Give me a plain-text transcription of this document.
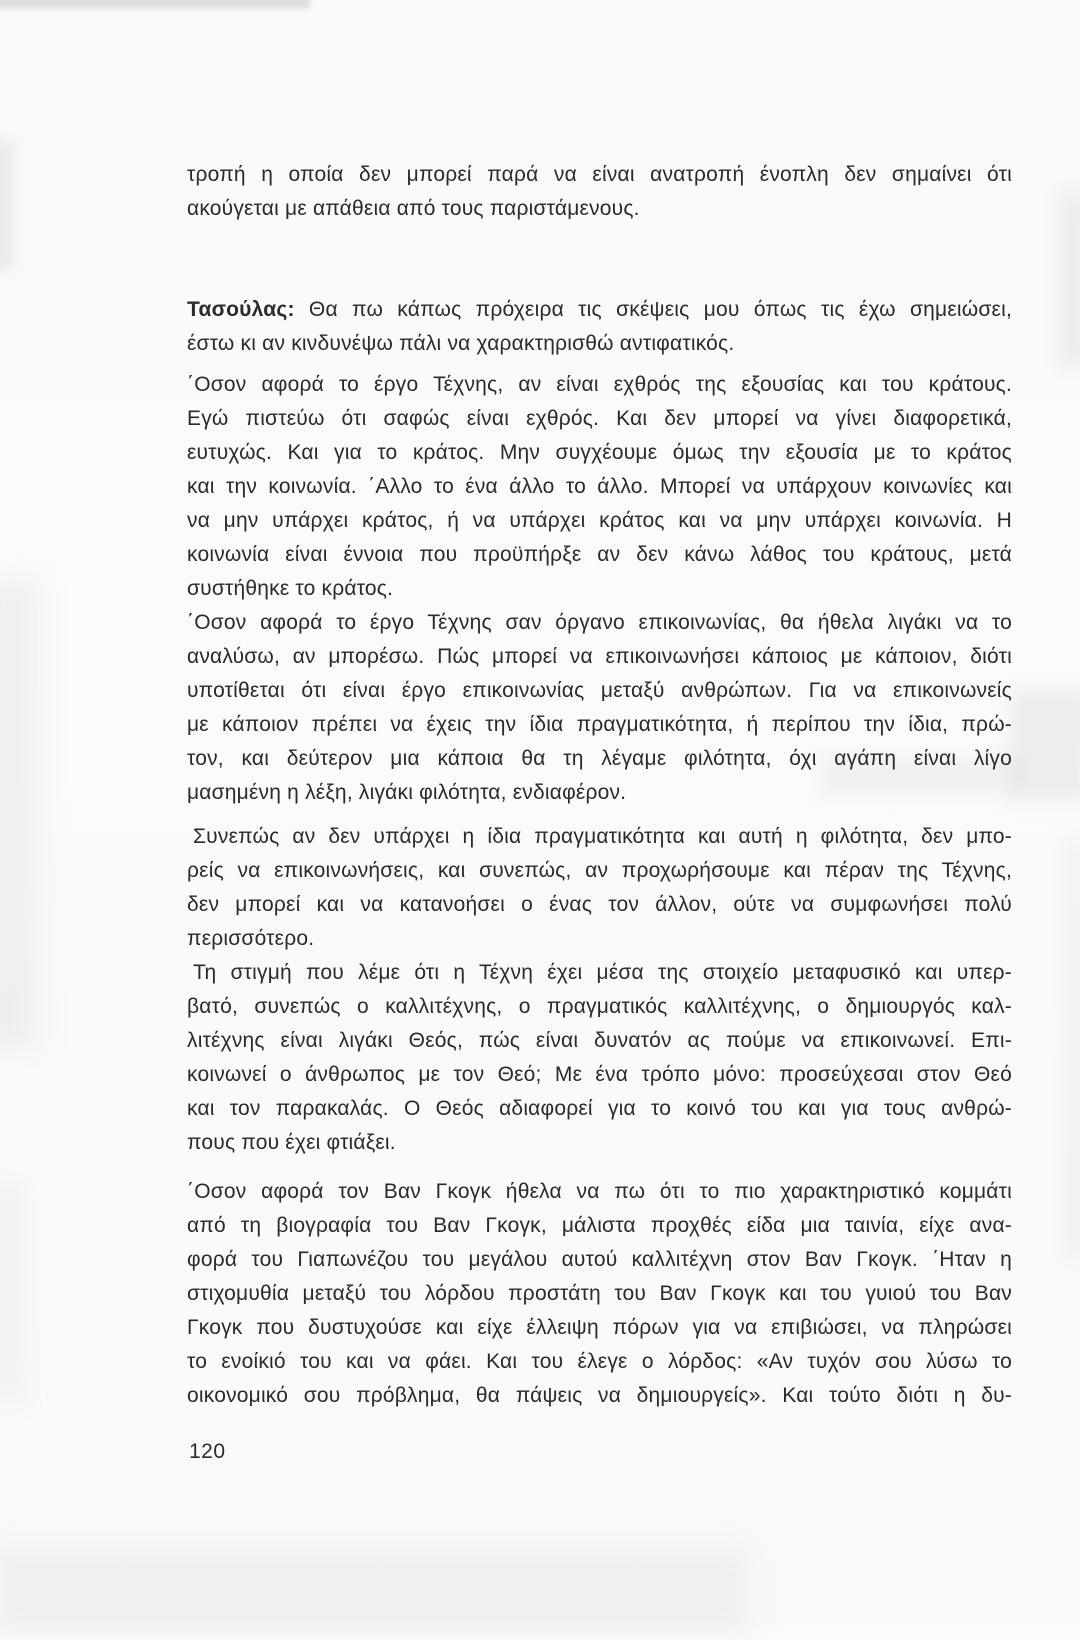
τροπή η οποία δεν μπορεί παρά να είναι ανατροπή ένοπλη δεν σημαίνει ότι
ακούγεται με απάθεια από τους παριστάμενους.
Τασούλας: Θα πω κάπως πρόχειρα τις σκέψεις μου όπως τις έχω σημειώσει,
έστω κι αν κινδυνέψω πάλι να χαρακτηρισθώ αντιφατικός.
΄Οσον αφορά το έργο Τέχνης, αν είναι εχθρός της εξουσίας και του κράτους.
Εγώ πιστεύω ότι σαφώς είναι εχθρός. Και δεν μπορεί να γίνει διαφορετικά,
ευτυχώς. Και για το κράτος. Μην συγχέουμε όμως την εξουσία με το κράτος
και την κοινωνία. ΄Αλλο το ένα άλλο το άλλο. Μπορεί να υπάρχουν κοινωνίες και
να μην υπάρχει κράτος, ή να υπάρχει κράτος και να μην υπάρχει κοινωνία. Η
κοινωνία είναι έννοια που προϋπήρξε αν δεν κάνω λάθος του κράτους, μετά
συστήθηκε το κράτος.
΄Οσον αφορά το έργο Τέχνης σαν όργανο επικοινωνίας, θα ήθελα λιγάκι να το
αναλύσω, αν μπορέσω. Πώς μπορεί να επικοινωνήσει κάποιος με κάποιον, διότι
υποτίθεται ότι είναι έργο επικοινωνίας μεταξύ ανθρώπων. Για να επικοινωνείς
με κάποιον πρέπει να έχεις την ίδια πραγματικότητα, ή περίπου την ίδια, πρώ-
τον, και δεύτερον μια κάποια θα τη λέγαμε φιλότητα, όχι αγάπη είναι λίγο
μασημένη η λέξη, λιγάκι φιλότητα, ενδιαφέρον.
Συνεπώς αν δεν υπάρχει η ίδια πραγματικότητα και αυτή η φιλότητα, δεν μπο-
ρείς να επικοινωνήσεις, και συνεπώς, αν προχωρήσουμε και πέραν της Τέχνης,
δεν μπορεί και να κατανοήσει ο ένας τον άλλον, ούτε να συμφωνήσει πολύ
περισσότερο.
Τη στιγμή που λέμε ότι η Τέχνη έχει μέσα της στοιχείο μεταφυσικό και υπερ-
βατό, συνεπώς ο καλλιτέχνης, ο πραγματικός καλλιτέχνης, ο δημιουργός καλ-
λιτέχνης είναι λιγάκι Θεός, πώς είναι δυνατόν ας πούμε να επικοινωνεί. Επι-
κοινωνεί ο άνθρωπος με τον Θεό; Με ένα τρόπο μόνο: προσεύχεσαι στον Θεό
και τον παρακαλάς. Ο Θεός αδιαφορεί για το κοινό του και για τους ανθρώ-
πους που έχει φτιάξει.
΄Οσον αφορά τον Βαν Γκογκ ήθελα να πω ότι το πιο χαρακτηριστικό κομμάτι
από τη βιογραφία του Βαν Γκογκ, μάλιστα προχθές είδα μια ταινία, είχε ανα-
φορά του Γιαπωνέζου του μεγάλου αυτού καλλιτέχνη στον Βαν Γκογκ. ΄Ηταν η
στιχομυθία μεταξύ του λόρδου προστάτη του Βαν Γκογκ και του γυιού του Βαν
Γκογκ που δυστυχούσε και είχε έλλειψη πόρων για να επιβιώσει, να πληρώσει
το ενοίκιό του και να φάει. Και του έλεγε ο λόρδος: «Αν τυχόν σου λύσω το
οικονομικό σου πρόβλημα, θα πάψεις να δημιουργείς». Και τούτο διότι η δυ-
120
